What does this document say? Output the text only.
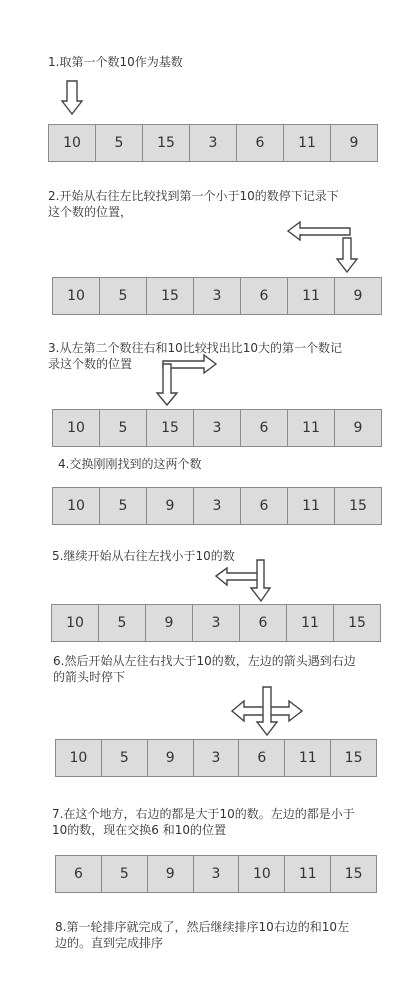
1.取第一个数10作为基数
10	5	15	3	6	11	9
2.开始从右往左比较找到第一个小于10的数停下记录下
这个数的位置，
10	5	15	3	6	11	9
3.从左第二个数往右和10比较找出比10大的第一个数记
录这个数的位置
10	5	15	3	6	11	9
4.交换刚刚找到的这两个数
10	5	9	3	6	11	15
5.继续开始从右往左找小于10的数
10	5	9	3	6	11	15
6.然后开始从左往右找大于10的数，左边的箭头遇到右边
的箭头时停下
10	5	9	3	6	11	15
7.在这个地方，右边的都是大于10的数。左边的都是小于
10的数，现在交换6 和10的位置
6	5	9	3	10	11	15
8.第一轮排序就完成了，然后继续排序10右边的和10左
边的。直到完成排序
